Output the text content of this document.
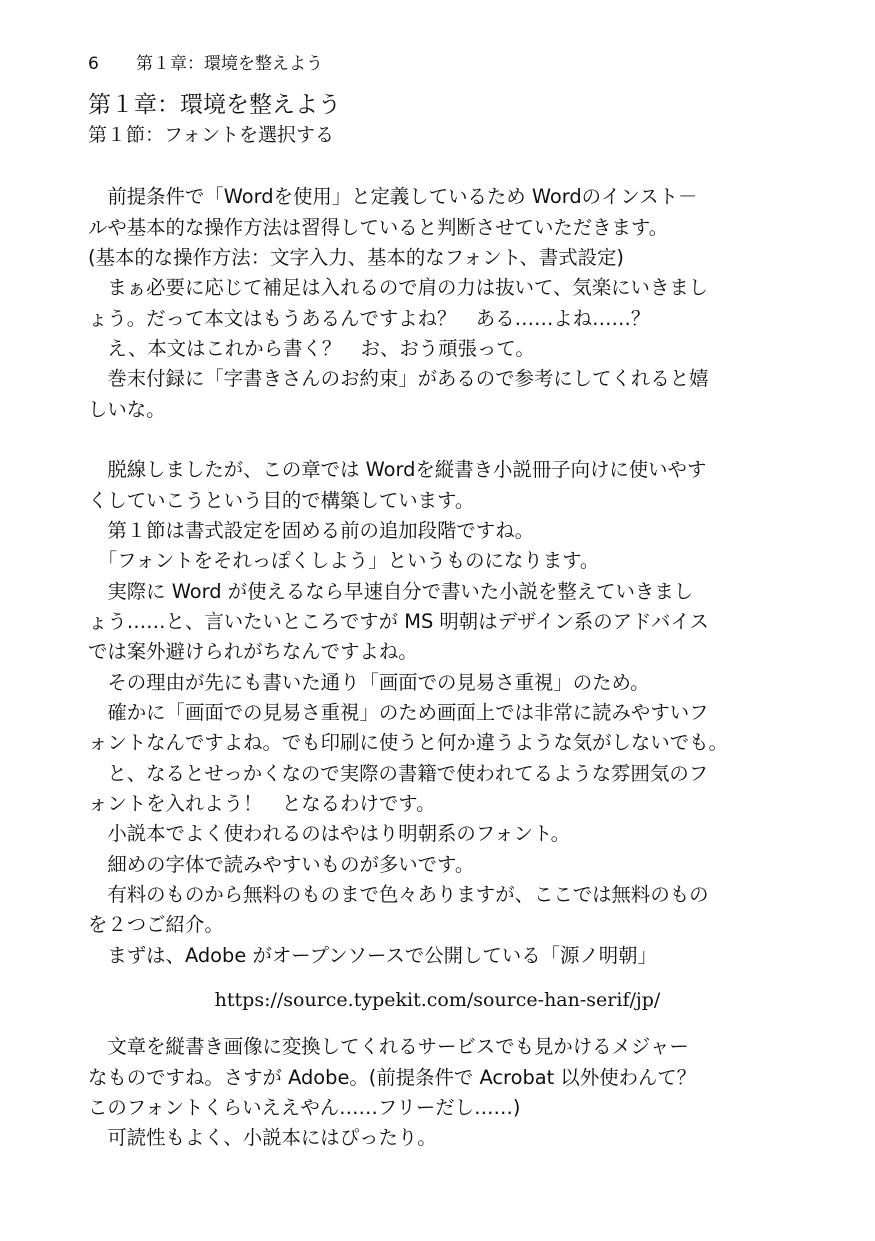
6 第１章：環境を整えよう
第１章：環境を整えよう
第１節：フォントを選択する
　前提条件で「Wordを使用」と定義しているため Wordのインスト－
ルや基本的な操作方法は習得していると判断させていただきます。
(基本的な操作方法：文字入力、基本的なフォント、書式設定)
　まぁ必要に応じて補足は入れるので肩の力は抜いて、気楽にいきまし
ょう。だって本文はもうあるんですよね？　ある……よね……？
　え、本文はこれから書く？　お、おう頑張って。
　巻末付録に「字書きさんのお約束」があるので参考にしてくれると嬉
しいな。
　脱線しましたが、この章では Wordを縦書き小説冊子向けに使いやす
くしていこうという目的で構築しています。
　第１節は書式設定を固める前の追加段階ですね。
　「フォントをそれっぽくしよう」というものになります。
　実際に Word が使えるなら早速自分で書いた小説を整えていきまし
ょう……と、言いたいところですが MS 明朝はデザイン系のアドバイス
では案外避けられがちなんですよね。
　その理由が先にも書いた通り「画面での見易さ重視」のため。
　確かに「画面での見易さ重視」のため画面上では非常に読みやすいフ
ォントなんですよね。でも印刷に使うと何か違うような気がしないでも。
　と、なるとせっかくなので実際の書籍で使われてるような雰囲気のフ
ォントを入れよう！　となるわけです。
　小説本でよく使われるのはやはり明朝系のフォント。
　細めの字体で読みやすいものが多いです。
　有料のものから無料のものまで色々ありますが、ここでは無料のもの
を２つご紹介。
　まずは、Adobe がオープンソースで公開している「源ノ明朝」
https://source.typekit.com/source-han-serif/jp/
　文章を縦書き画像に変換してくれるサービスでも見かけるメジャー
なものですね。さすが Adobe。(前提条件で Acrobat 以外使わんて？
このフォントくらいええやん……フリーだし……)
　可読性もよく、小説本にはぴったり。
